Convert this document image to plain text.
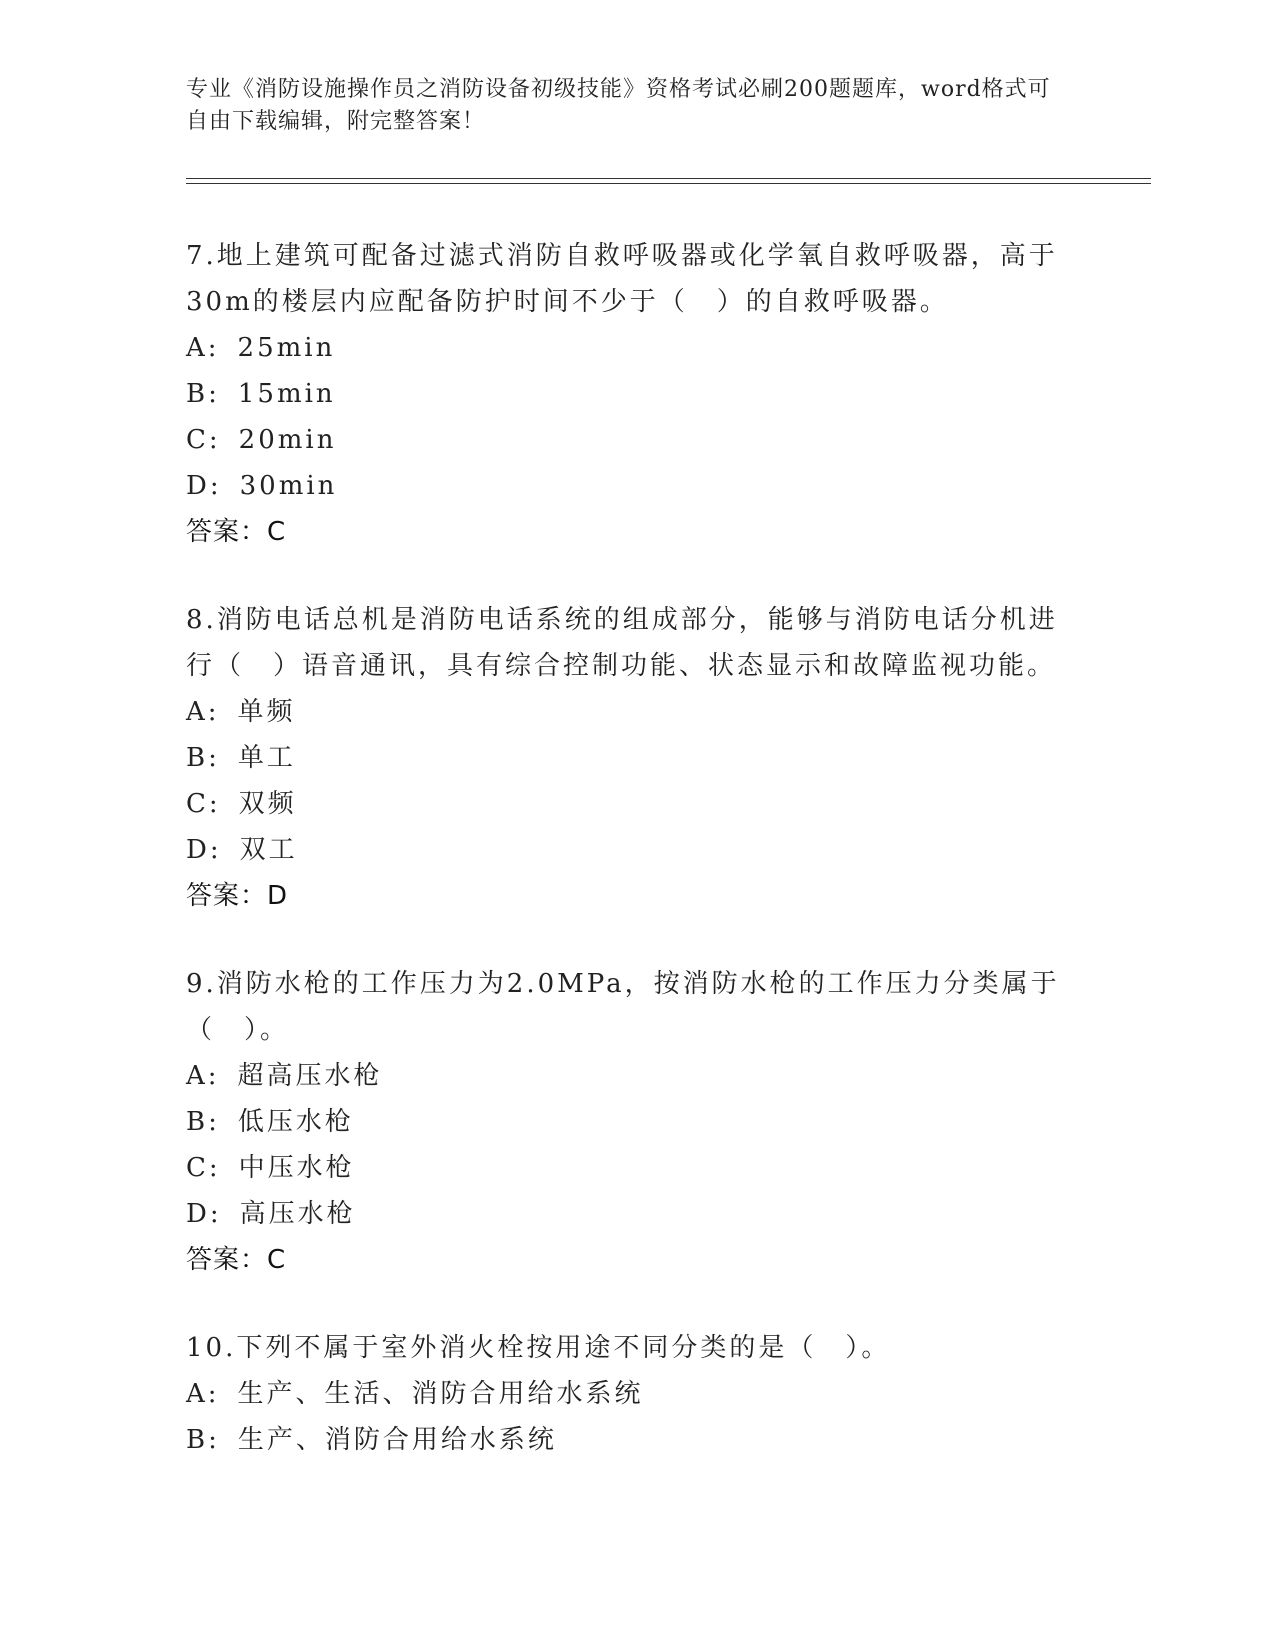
专业《消防设施操作员之消防设备初级技能》资格考试必刷200题题库，word格式可自由下载编辑，附完整答案！

7.地上建筑可配备过滤式消防自救呼吸器或化学氧自救呼吸器，高于30m的楼层内应配备防护时间不少于（　）的自救呼吸器。

A: 25min

B: 15min

C: 20min

D: 30min

答案：C

8.消防电话总机是消防电话系统的组成部分，能够与消防电话分机进行（　）语音通讯，具有综合控制功能、状态显示和故障监视功能。

A: 单频

B: 单工

C: 双频

D: 双工

答案：D

9.消防水枪的工作压力为2.0MPa，按消防水枪的工作压力分类属于（　）。

A: 超高压水枪

B: 低压水枪

C: 中压水枪

D: 高压水枪

答案：C

10.下列不属于室外消火栓按用途不同分类的是（　）。

A: 生产、生活、消防合用给水系统

B: 生产、消防合用给水系统
